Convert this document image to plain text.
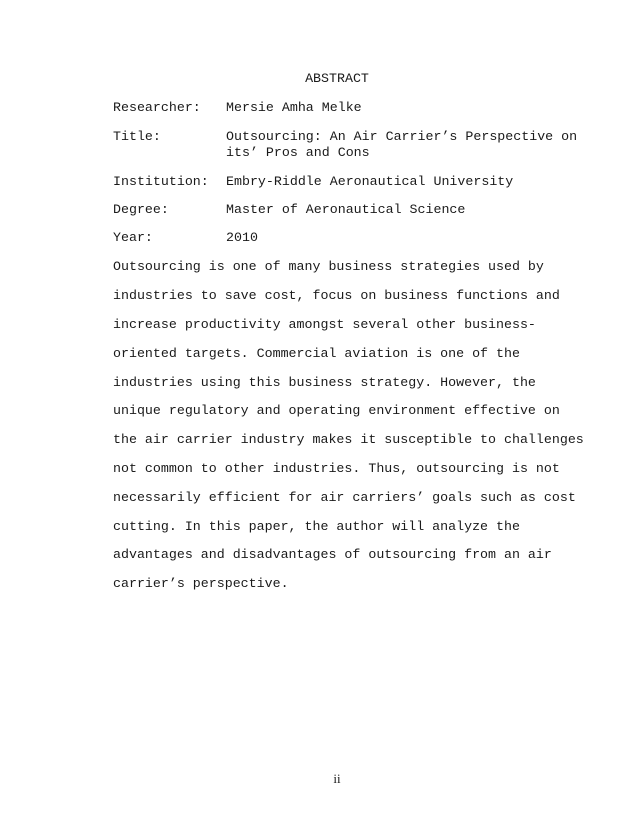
ABSTRACT
Researcher: Mersie Amha Melke
Title:	Outsourcing: An Air Carrier’s Perspective on
its’ Pros and Cons
Institution: Embry-Riddle Aeronautical University
Degree:	Master of Aeronautical Science
Year:	2010
Outsourcing is one of many business strategies used by
industries to save cost, focus on business functions and
increase productivity amongst several other business-
oriented targets. Commercial aviation is one of the
industries using this business strategy. However, the
unique regulatory and operating environment effective on
the air carrier industry makes it susceptible to challenges
not common to other industries. Thus, outsourcing is not
necessarily efficient for air carriers’ goals such as cost
cutting. In this paper, the author will analyze the
advantages and disadvantages of outsourcing from an air
carrier’s perspective.
ii
